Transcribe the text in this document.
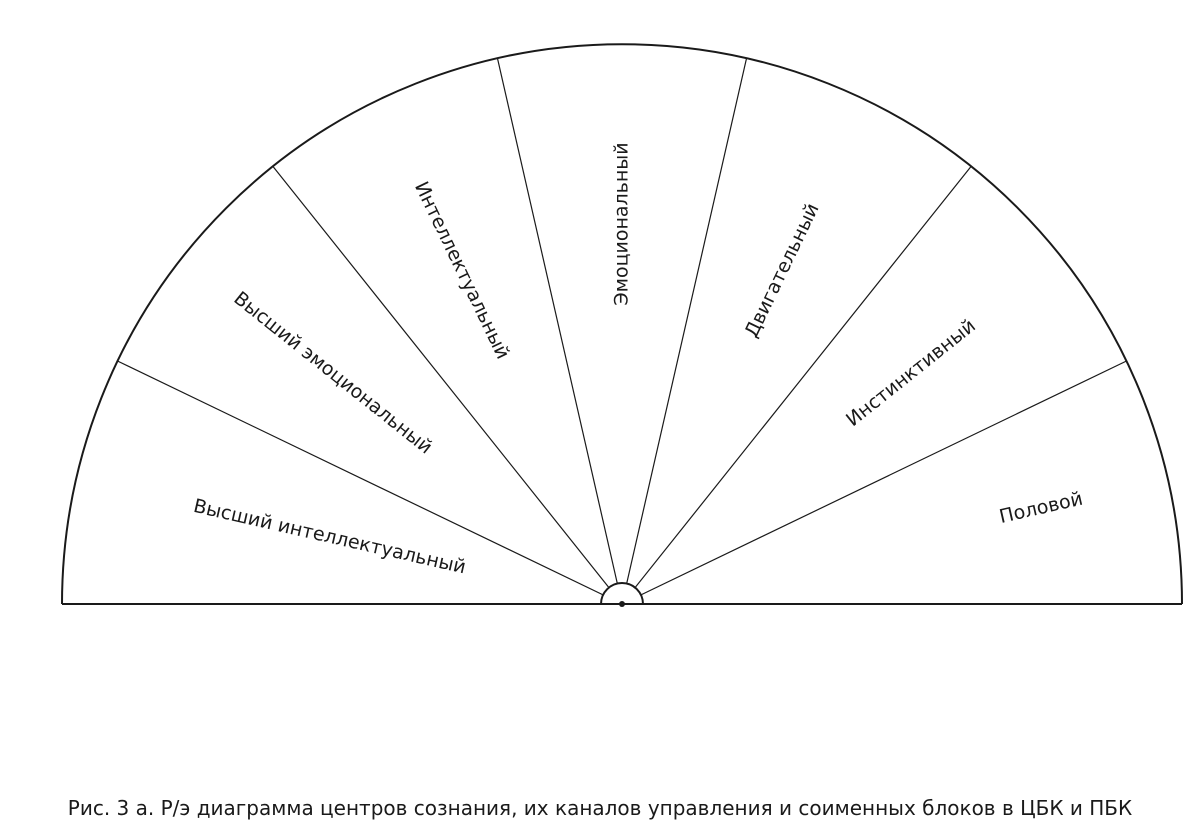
Высший интеллектуальный
Высший эмоциональный
Интеллектуальный	Эмоциональный	Двигательный
Инстинктивный
Половой
Рис. 3 а. Р/э диаграмма центров сознания, их каналов управления и соименных блоков в ЦБК и ПБК
